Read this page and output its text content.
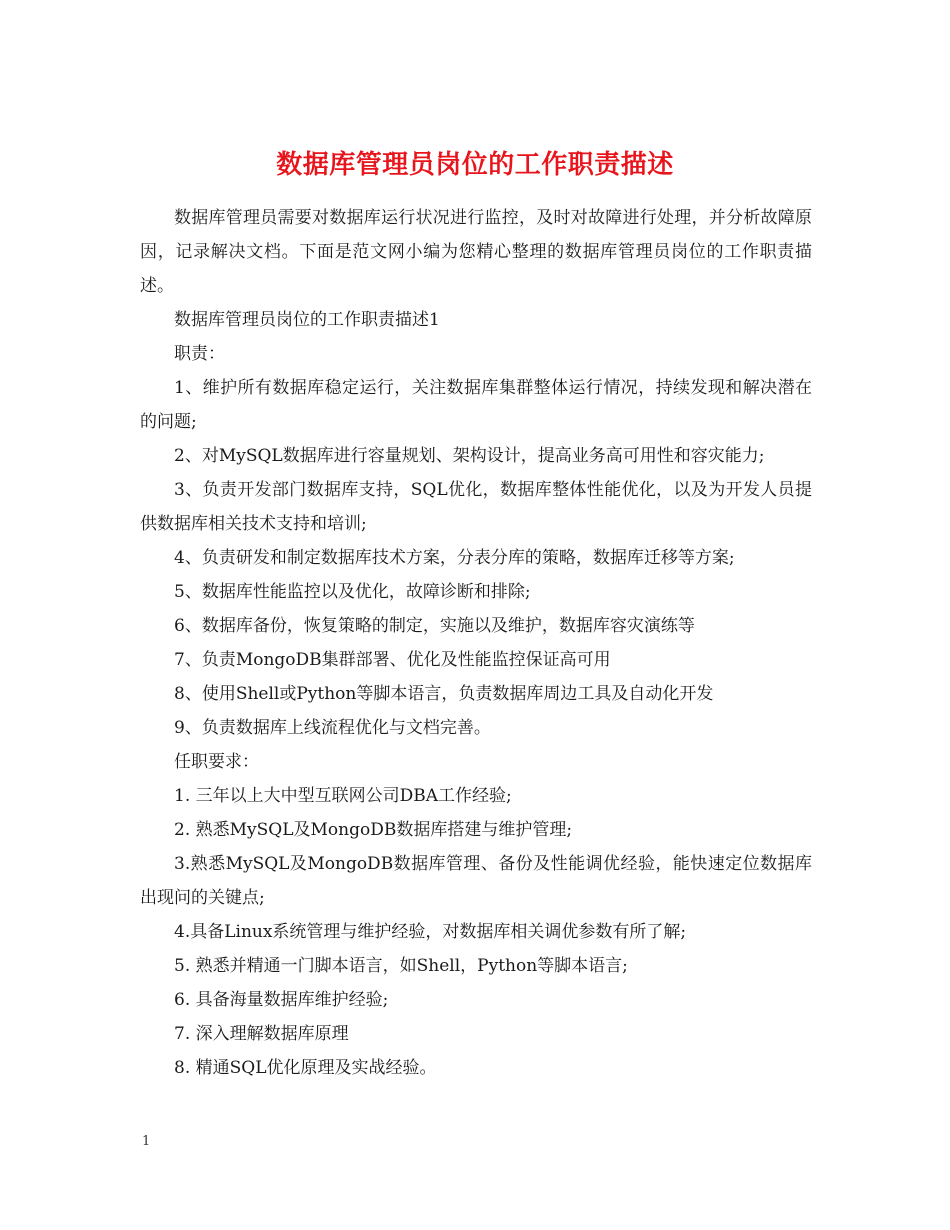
数据库管理员岗位的工作职责描述

数据库管理员需要对数据库运行状况进行监控，及时对故障进行处理，并分析故障原因，记录解决文档。下面是范文网小编为您精心整理的数据库管理员岗位的工作职责描述。

数据库管理员岗位的工作职责描述1

职责：

1、维护所有数据库稳定运行，关注数据库集群整体运行情况，持续发现和解决潜在的问题;

2、对MySQL数据库进行容量规划、架构设计，提高业务高可用性和容灾能力;

3、负责开发部门数据库支持，SQL优化，数据库整体性能优化，以及为开发人员提供数据库相关技术支持和培训;

4、负责研发和制定数据库技术方案，分表分库的策略，数据库迁移等方案;

5、数据库性能监控以及优化，故障诊断和排除;

6、数据库备份，恢复策略的制定，实施以及维护，数据库容灾演练等

7、负责MongoDB集群部署、优化及性能监控保证高可用

8、使用Shell或Python等脚本语言，负责数据库周边工具及自动化开发

9、负责数据库上线流程优化与文档完善。

任职要求：

1. 三年以上大中型互联网公司DBA工作经验;

2. 熟悉MySQL及MongoDB数据库搭建与维护管理;

3.熟悉MySQL及MongoDB数据库管理、备份及性能调优经验，能快速定位数据库出现问的关键点;

4.具备Linux系统管理与维护经验，对数据库相关调优参数有所了解;

5. 熟悉并精通一门脚本语言，如Shell，Python等脚本语言;

6. 具备海量数据库维护经验;

7. 深入理解数据库原理

8. 精通SQL优化原理及实战经验。

1
